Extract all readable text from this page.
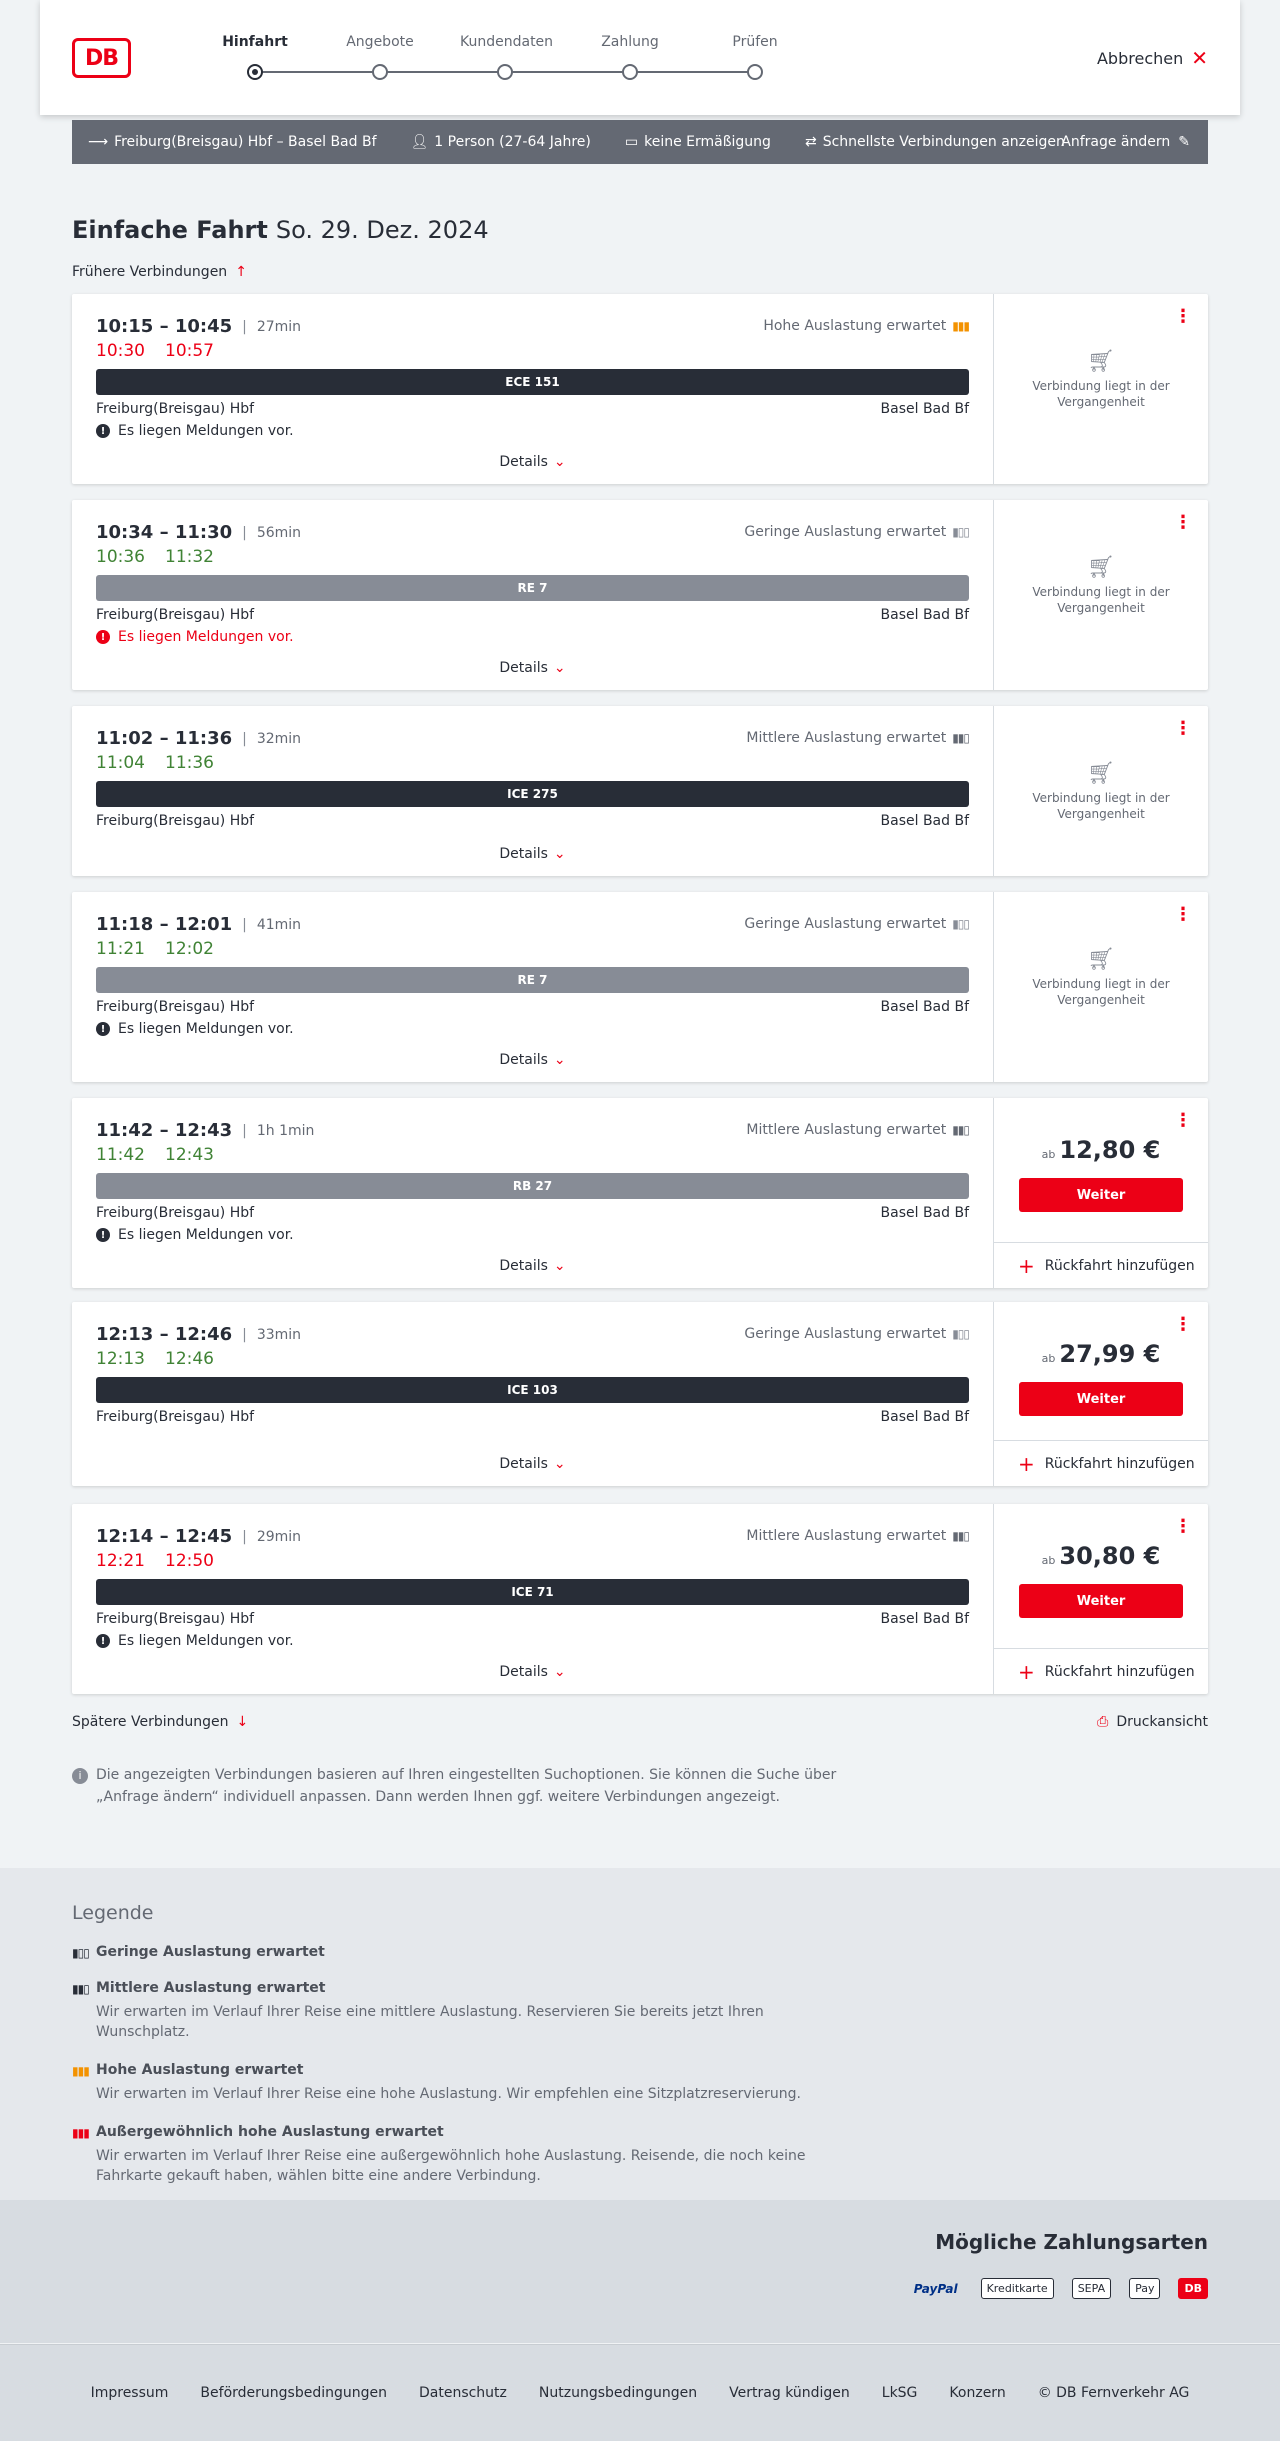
DB
Hinfahrt	Angebote	Kundendaten	Zahlung	Prüfen
Abbrechen ✕
⟶ Freiburg(Breisgau) Hbf – Basel Bad Bf 👤︎ 1 Person (27-64 Jahre) ▭ keine Ermäßigung ⇄ Schnellste Verbindungen anzeigen
Anfrage ändern ✎
Einfache Fahrt So. 29. Dez. 2024
Frühere Verbindungen ↑
10:15 – 10:45 | 27min	Hohe Auslastung erwartet ▮▮▮
10:30 10:57
ECE 151
Freiburg(Breisgau) Hbf	Basel Bad Bf
! Es liegen Meldungen vor.
Details ⌄
⋮
🛒︎
Verbindung liegt in der Vergangenheit
10:34 – 11:30 | 56min	Geringe Auslastung erwartet ▮▯▯
10:36 11:32
RE 7
Freiburg(Breisgau) Hbf	Basel Bad Bf
! Es liegen Meldungen vor.
Details ⌄
⋮
🛒︎
Verbindung liegt in der Vergangenheit
11:02 – 11:36 | 32min	Mittlere Auslastung erwartet ▮▮▯
11:04 11:36
ICE 275
Freiburg(Breisgau) Hbf	Basel Bad Bf
Details ⌄
⋮
🛒︎
Verbindung liegt in der Vergangenheit
11:18 – 12:01 | 41min	Geringe Auslastung erwartet ▮▯▯
11:21 12:02
RE 7
Freiburg(Breisgau) Hbf	Basel Bad Bf
! Es liegen Meldungen vor.
Details ⌄
⋮
🛒︎
Verbindung liegt in der Vergangenheit
11:42 – 12:43 | 1h 1min	Mittlere Auslastung erwartet ▮▮▯
11:42 12:43
RB 27
Freiburg(Breisgau) Hbf	Basel Bad Bf
! Es liegen Meldungen vor.
Details ⌄
⋮
ab 12,80 €
Weiter
+ Rückfahrt hinzufügen
12:13 – 12:46 | 33min	Geringe Auslastung erwartet ▮▯▯
12:13 12:46
ICE 103
Freiburg(Breisgau) Hbf	Basel Bad Bf
Details ⌄
⋮
ab 27,99 €
Weiter
+ Rückfahrt hinzufügen
12:14 – 12:45 | 29min	Mittlere Auslastung erwartet ▮▮▯
12:21 12:50
ICE 71
Freiburg(Breisgau) Hbf	Basel Bad Bf
! Es liegen Meldungen vor.
Details ⌄
⋮
ab 30,80 €
Weiter
+ Rückfahrt hinzufügen
Spätere Verbindungen ↓	⎙ Druckansicht
i	Die angezeigten Verbindungen basieren auf Ihren eingestellten Suchoptionen. Sie können die Suche über „Anfrage ändern“ individuell anpassen. Dann werden Ihnen ggf. weitere Verbindungen angezeigt.
Legende
▮▯▯ Geringe Auslastung erwartet
▮▮▯ Mittlere Auslastung erwartet

Wir erwarten im Verlauf Ihrer Reise eine mittlere Auslastung. Reservieren Sie bereits jetzt Ihren Wunschplatz.

▮▮▮ Hohe Auslastung erwartet

Wir erwarten im Verlauf Ihrer Reise eine hohe Auslastung. Wir empfehlen eine Sitzplatzreservierung.

▮▮▮ Außergewöhnlich hohe Auslastung erwartet

Wir erwarten im Verlauf Ihrer Reise eine außergewöhnlich hohe Auslastung. Reisende, die noch keine Fahrkarte gekauft haben, wählen bitte eine andere Verbindung.

Mögliche Zahlungsarten
PayPal	Kreditkarte	SEPA	Pay	DB
Impressum Beförderungsbedingungen Datenschutz Nutzungsbedingungen Vertrag kündigen LkSG Konzern © DB Fernverkehr AG
